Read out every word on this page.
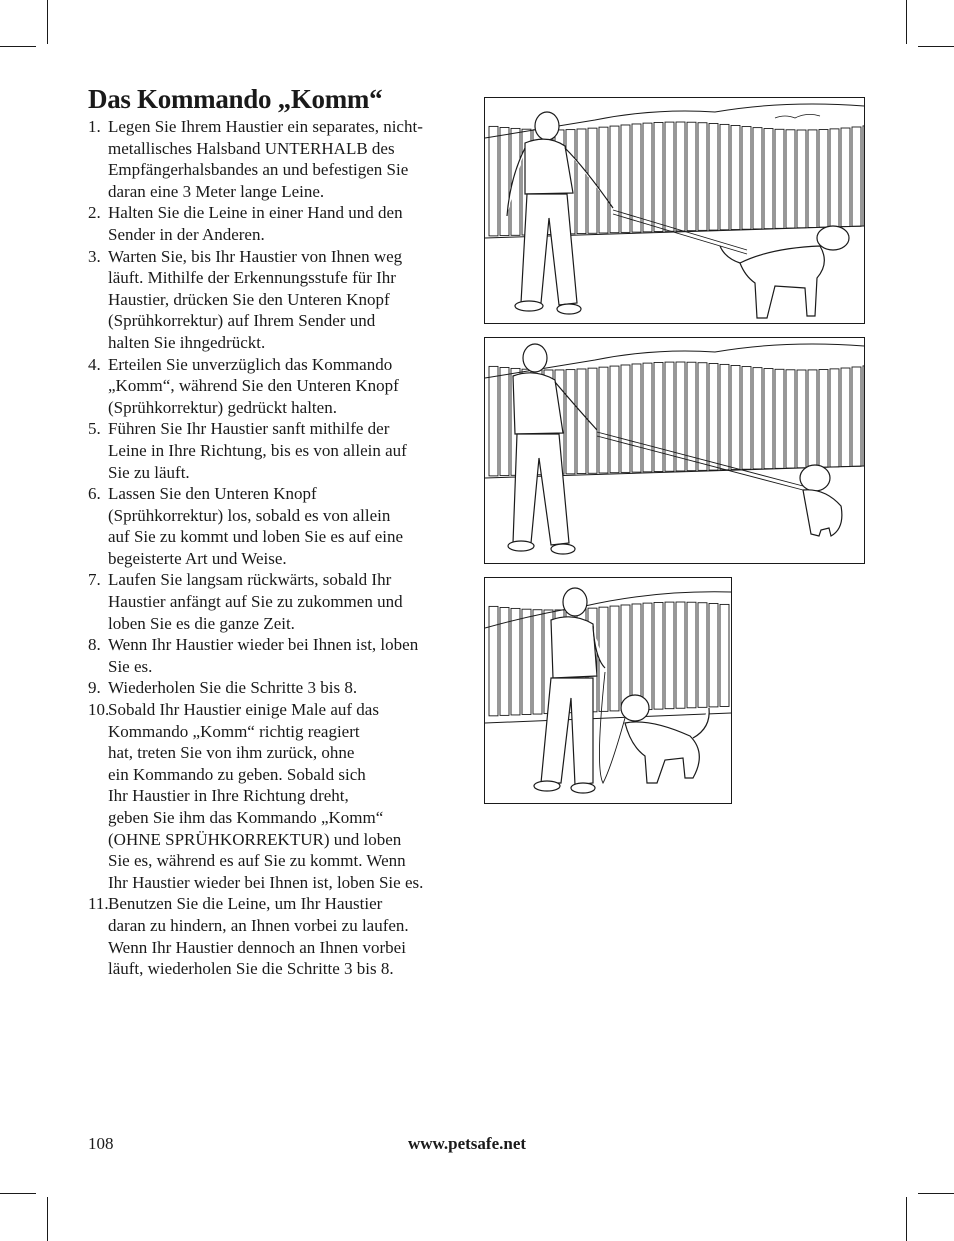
Das Kommando „Komm“
1. Legen Sie Ihrem Haustier ein separates, nicht-
metallisches Halsband UNTERHALB des
Empfängerhalsbandes an und befestigen Sie
daran eine 3 Meter lange Leine.
2. Halten Sie die Leine in einer Hand und den
Sender in der Anderen.
3. Warten Sie, bis Ihr Haustier von Ihnen weg
läuft. Mithilfe der Erkennungsstufe für Ihr
Haustier, drücken Sie den Unteren Knopf
(Sprühkorrektur) auf Ihrem Sender und
halten Sie ihngedrückt.
4. Erteilen Sie unverzüglich das Kommando
„Komm“, während Sie den Unteren Knopf
(Sprühkorrektur) gedrückt halten.
5. Führen Sie Ihr Haustier sanft mithilfe der
Leine in Ihre Richtung, bis es von allein auf
Sie zu läuft.
6. Lassen Sie den Unteren Knopf
(Sprühkorrektur) los, sobald es von allein
auf Sie zu kommt und loben Sie es auf eine
begeisterte Art und Weise.
7. Laufen Sie langsam rückwärts, sobald Ihr
Haustier anfängt auf Sie zu zukommen und
loben Sie es die ganze Zeit.
8. Wenn Ihr Haustier wieder bei Ihnen ist, loben
Sie es.
9. Wiederholen Sie die Schritte 3 bis 8.
10.
Sobald Ihr Haustier einige Male auf das
Kommando „Komm“ richtig reagiert
hat, treten Sie von ihm zurück, ohne
ein Kommando zu geben. Sobald sich
Ihr Haustier in Ihre Richtung dreht,
geben Sie ihm das Kommando „Komm“
(OHNE SPRÜHKORREKTUR) und loben
Sie es, während es auf Sie zu kommt. Wenn
Ihr Haustier wieder bei Ihnen ist, loben Sie es.
11. Benutzen Sie die Leine, um Ihr Haustier
daran zu hindern, an Ihnen vorbei zu laufen.
Wenn Ihr Haustier dennoch an Ihnen vorbei
läuft, wiederholen Sie die Schritte 3 bis 8.
108	www.petsafe.net
